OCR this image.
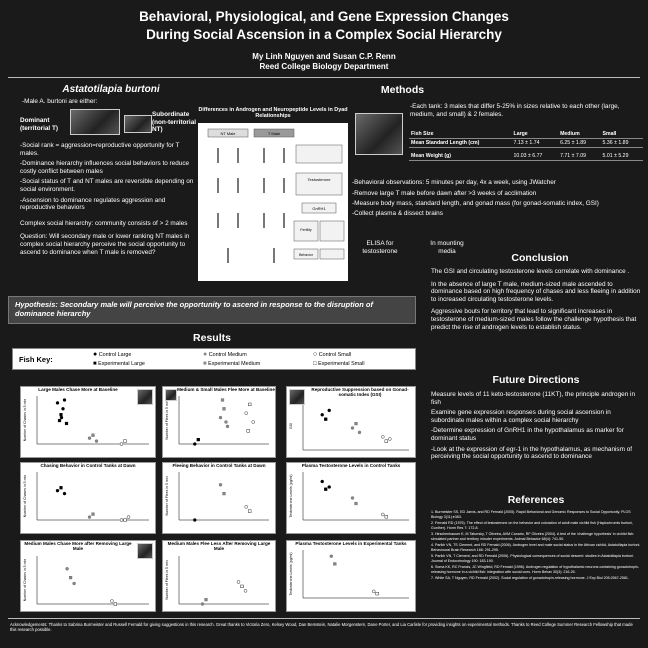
Behavioral, Physiological, and Gene Expression Changes
During Social Ascension in a Complex Social Hierarchy
My Linh Nguyen and Susan C.P. Renn
Reed College Biology Department
Astatotilapia burtoni
-Male A. burtoni are either:
Dominant (territorial T)
Subordinate (non-territorial NT)
-Social rank = aggression=reproductive opportunity for T males.
-Dominance hierarchy influences social behaviors to reduce costly conflict between males
-Social status of T and NT males are reversible depending on social environment.
-Ascension to dominance regulates aggression and reproductive behaviors
Complex social hierarchy: community consists of > 2 males
Question: Will secondary male or lower ranking NT males in complex social hierarchy perceive the social opportunity to ascend to dominance when T male is removed?
Differences in Androgen and Neuropeptide Levels in Dyad Relationships
NT Male	T Male
Testosterone
GnRH1
Fertility
Behavior
Hypothesis: Secondary male will perceive the opportunity to ascend in response to the disruption of dominance hierarchy
Methods
-Each tank: 3 males that differ 5-25% in sizes relative to each other (large, medium, and small) & 2 females.
Fish Size	Large	Medium	Small
Mean Standard Length (cm)	7.13 ± 1.74	6.25 ± 1.89	5.36 ± 1.89
Mean Weight (g)	10.03 ± 6.77	7.71 ± 7.09	5.01 ± 5.29
-Behavioral observations: 5 minutes per day, 4x a week, using JWatcher
-Remove large T male before dawn after >3 weeks of acclimation
-Measure body mass, standard length, and gonad mass (for gonad-somatic index, GSI)
-Collect plasma & dissect brains
ELISA for testosterone
In mounting media
Conclusion
The GSI and circulating testosterone levels correlate with dominance .
In the absence of large T male, medium-sized male ascended to dominance based on high frequency of chases and less fleeing in addition to increased circulating testosterone levels.
Aggressive bouts for territory that lead to significant increases in testosterone of medium-sized males follow the challenge hypothesis that predict the rise of androgen levels to establish status.
Results
Fish Key:
● Control Large
■ Experimental Large
● Control Medium
■ Experimental Medium
○ Control Small
□ Experimental Small
Large Males Chase More at Baseline
Number of Chases in 5 min
Medium & Small Males Flee More at Baseline
Number of Flees in 5 min
Chasing Behavior in Control Tanks at Dawn
Number of Chases in 5 min
Fleeing Behavior in Control Tanks at Dawn
Number of Flees in 5 min
Medium Males Chase More after Removing Large Male
Number of Chases in 5 min
Medium Males Flee Less After Removing Large Male
Number of Flees in 5 min
Reproductive Suppression based on Gonad-somatic Index (GSI)
GSI
Plasma Testosterone Levels in Control Tanks
Testosterone Levels (pg/ml)
Plasma Testosterone Levels in Experimental Tanks
Testosterone Levels (pg/ml)
Future Directions
Measure levels of 11 keto-testosterone (11KT), the principle androgen in fish
Examine gene expression responses during social ascension in subordinate males within a complex social hierarchy
-Determine expression of GnRH1 in the hypothalamus as marker for dominant status
-Look at the expression of egr-1 in the hypothalamus, as mechanism of perceiving the social opportunity to ascend to dominance
References
1. Burmeister SS, ED Jarvis, and RD Fernald (2005). Rapid Behavioral and Genomic Responses to Social Opportunity. PLOS Biology 3(11):e363.
2. Fernald RD (1976). The effect of testosterone on the behavior and coloration of adult male cichlid fish (Haplochromis burtoni, Gunther). Horm Res 7: 172-8.
3. Hirschenhauser K, M Taborsky, T Oliveira, AVM Canario, RF Oliveira (2004). A test of the 'challenge hypothesis' in cichlid fish: simulated partner and territory intruder experiments. Animal Behavior 68(4): 741-50.
4. Parikh VN, TS Clement, and RD Fernald (2006). Androgen level and male social status in the African cichlid, Astatotilapia burtoni. Behavioural Brain Research 166: 291-295.
5. Parikh VN, T Clement, and RD Fernald (2006). Physiological consequences of social descent: studies in Astatotilapia burtoni. Journal of Endocrinology 190: 183-190.
6. Soma KK, RC Francis, JC Wingfield, RD Fernald (1996). Androgen regulation of hypothalamic neurons containing gonadotropin-releasing hormone in a cichlid fish: integration with social cues. Horm Behav 30(3): 216-26.
7. White SA, T Nguyen, RD Fernald (2002). Social regulation of gonadotropin-releasing hormone. J Exp Biol 205:2567-2581.
Acknowledgements: Thanks to Sabrina Burmeister and Russell Fernald for giving suggestions in this research. Great thanks to Victoria Zero, Kelsey Wood, Dan Bernstein, Natalie Morgenstern, Dane Porter, and Lia Carlisle for providing insights on experimental methods. Thanks to Reed College Summer Research Fellowship that made this research possible.
